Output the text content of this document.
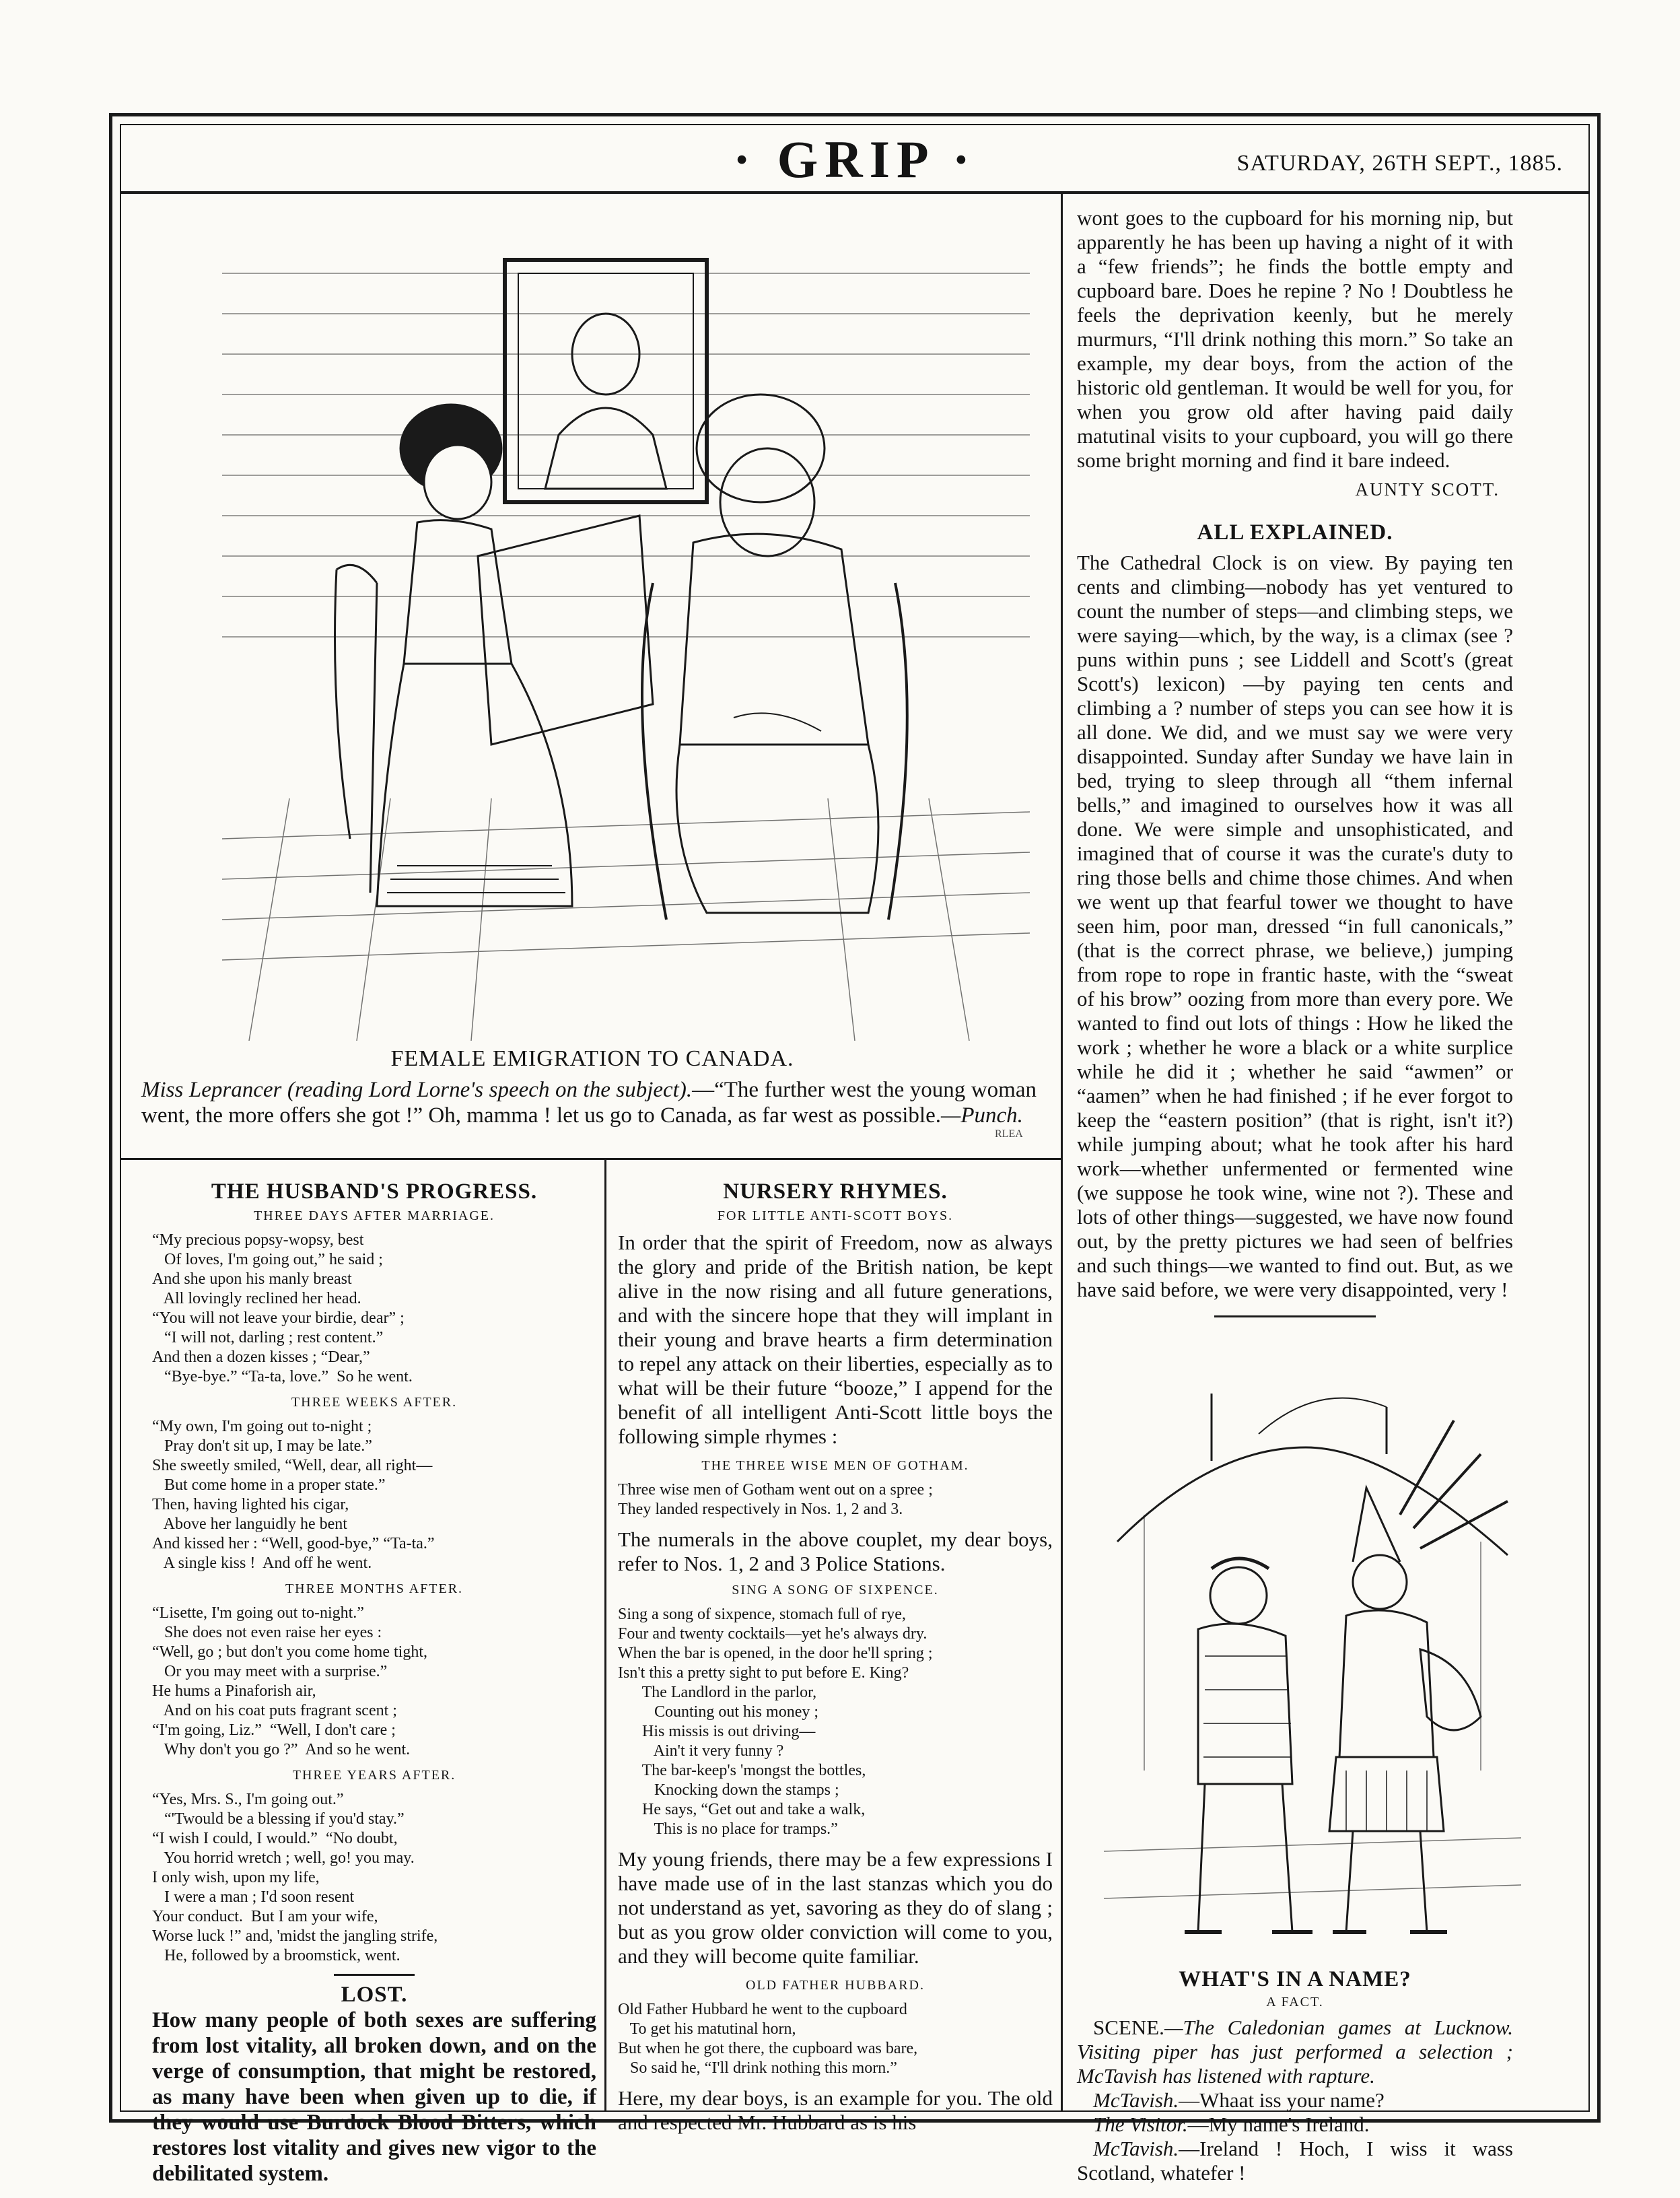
· GRIP ·	SATURDAY, 26TH SEPT., 1885.
FEMALE EMIGRATION TO CANADA.
Miss Leprancer (reading Lord Lorne's speech on the subject).—“The further west the young woman went, the more offers she got !” Oh, mamma ! let us go to Canada, as far west as possible.—Punch.
RLEA
THE HUSBAND'S PROGRESS.
THREE DAYS AFTER MARRIAGE.

“My precious popsy-wopsy, best
Of loves, I'm going out,” he said ;
And she upon his manly breast
All lovingly reclined her head.
“You will not leave your birdie, dear” ;
“I will not, darling ; rest content.”
And then a dozen kisses ; “Dear,”
“Bye-bye.” “Ta-ta, love.”  So he went.

THREE WEEKS AFTER.

“My own, I'm going out to-night ;
Pray don't sit up, I may be late.”
She sweetly smiled, “Well, dear, all right—
But come home in a proper state.”
Then, having lighted his cigar,
Above her languidly he bent
And kissed her : “Well, good-bye,” “Ta-ta.”
A single kiss !  And off he went.

THREE MONTHS AFTER.

“Lisette, I'm going out to-night.”
She does not even raise her eyes :
“Well, go ; but don't you come home tight,
Or you may meet with a surprise.”
He hums a Pinaforish air,
And on his coat puts fragrant scent ;
“I'm going, Liz.”  “Well, I don't care ;
Why don't you go ?”  And so he went.

THREE YEARS AFTER.

“Yes, Mrs. S., I'm going out.”
“'Twould be a blessing if you'd stay.”
“I wish I could, I would.”  “No doubt,
You horrid wretch ; well, go! you may.
I only wish, upon my life,
I were a man ; I'd soon resent
Your conduct.  But I am your wife,
Worse luck !” and, 'midst the jangling strife,
He, followed by a broomstick, went.

LOST.

How many people of both sexes are suffering from lost vitality, all broken down, and on the verge of consumption, that might be restored, as many have been when given up to die, if they would use Burdock Blood Bitters, which restores lost vitality and gives new vigor to the debilitated system.

NURSERY RHYMES.
FOR LITTLE ANTI-SCOTT BOYS.

In order that the spirit of Freedom, now as always the glory and pride of the British nation, be kept alive in the now rising and all future generations, and with the sincere hope that they will implant in their young and brave hearts a firm determination to repel any attack on their liberties, especially as to what will be their future “booze,” I append for the benefit of all intelligent Anti-Scott little boys the following simple rhymes :

THE THREE WISE MEN OF GOTHAM.

Three wise men of Gotham went out on a spree ;
They landed respectively in Nos. 1, 2 and 3.

The numerals in the above couplet, my dear boys, refer to Nos. 1, 2 and 3 Police Stations.

SING A SONG OF SIXPENCE.

Sing a song of sixpence, stomach full of rye,
Four and twenty cocktails—yet he's always dry.
When the bar is opened, in the door he'll spring ;
Isn't this a pretty sight to put before E. King?
The Landlord in the parlor,
Counting out his money ;
His missis is out driving—
Ain't it very funny ?
The bar-keep's 'mongst the bottles,
Knocking down the stamps ;
He says, “Get out and take a walk,
This is no place for tramps.”

My young friends, there may be a few expressions I have made use of in the last stanzas which you do not understand as yet, savoring as they do of slang ; but as you grow older conviction will come to you, and they will become quite familiar.

OLD FATHER HUBBARD.

Old Father Hubbard he went to the cupboard
To get his matutinal horn,
But when he got there, the cupboard was bare,
So said he, “I'll drink nothing this morn.”

Here, my dear boys, is an example for you. The old and respected Mr. Hubbard as is his

wont goes to the cupboard for his morning nip, but apparently he has been up having a night of it with a “few friends”; he finds the bottle empty and cupboard bare. Does he repine ? No ! Doubtless he feels the deprivation keenly, but he merely murmurs, “I'll drink nothing this morn.” So take an example, my dear boys, from the action of the historic old gentleman. It would be well for you, for when you grow old after having paid daily matutinal visits to your cupboard, you will go there some bright morning and find it bare indeed.

AUNTY SCOTT.
ALL EXPLAINED.

The Cathedral Clock is on view. By paying ten cents and climbing—nobody has yet ventured to count the number of steps—and climbing steps, we were saying—which, by the way, is a climax (see ? puns within puns ; see Liddell and Scott's (great Scott's) lexicon) —by paying ten cents and climbing a ? number of steps you can see how it is all done. We did, and we must say we were very disappointed. Sunday after Sunday we have lain in bed, trying to sleep through all “them infernal bells,” and imagined to ourselves how it was all done. We were simple and unsophisticated, and imagined that of course it was the curate's duty to ring those bells and chime those chimes. And when we went up that fearful tower we thought to have seen him, poor man, dressed “in full canonicals,” (that is the correct phrase, we believe,) jumping from rope to rope in frantic haste, with the “sweat of his brow” oozing from more than every pore. We wanted to find out lots of things : How he liked the work ; whether he wore a black or a white surplice while he did it ; whether he said “awmen” or “aamen” when he had finished ; if he ever forgot to keep the “eastern position” (that is right, isn't it?) while jumping about; what he took after his hard work—whether unfermented or fermented wine (we suppose he took wine, wine not ?). These and lots of other things—suggested, we have now found out, by the pretty pictures we had seen of belfries and such things—we wanted to find out. But, as we have said before, we were very disappointed, very !

WHAT'S IN A NAME?
A FACT.

SCENE.—The Caledonian games at Lucknow. Visiting piper has just performed a selection ; McTavish has listened with rapture.

McTavish.—Whaat iss your name?

The Visitor.—My name's Ireland.

McTavish.—Ireland ! Hoch, I wiss it wass Scotland, whatefer !
